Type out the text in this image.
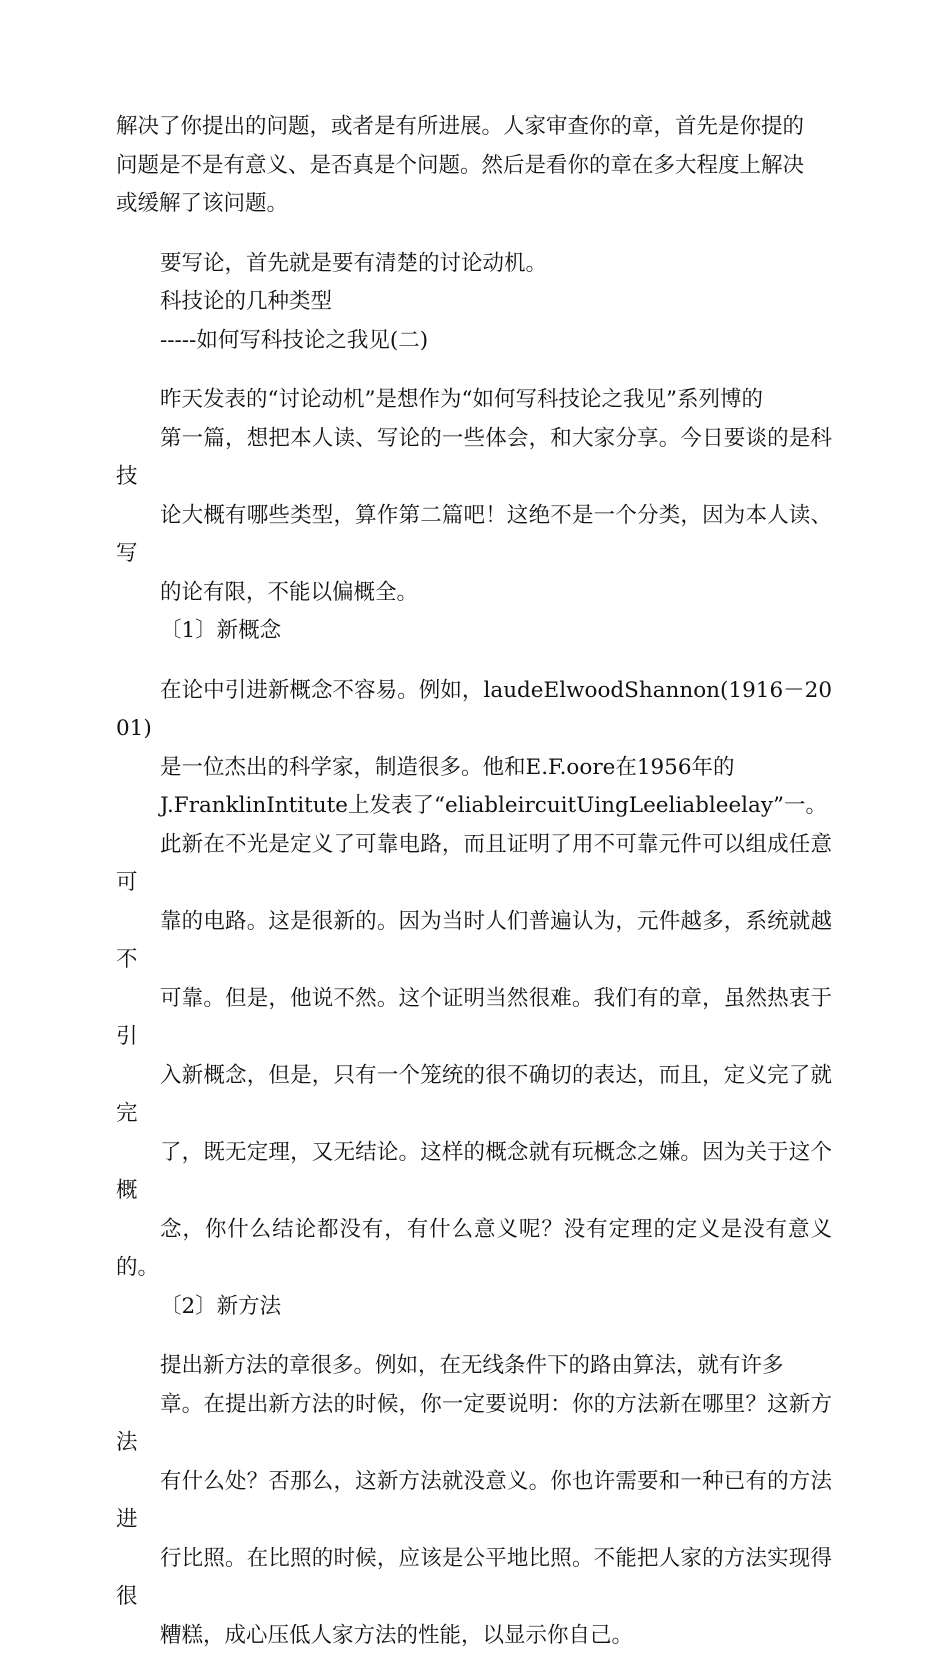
解决了你提出的问题，或者是有所进展。人家审查你的章，首先是你提的
问题是不是有意义、是否真是个问题。然后是看你的章在多大程度上解决
或缓解了该问题。

要写论，首先就是要有清楚的讨论动机。

科技论的几种类型

-----如何写科技论之我见(二)

昨天发表的“讨论动机”是想作为“如何写科技论之我见”系列博的
第一篇，想把本人读、写论的一些体会，和大家分享。今日要谈的是科技
论大概有哪些类型，算作第二篇吧！这绝不是一个分类，因为本人读、写
的论有限，不能以偏概全。

〔1〕新概念

在论中引进新概念不容易。例如，laudeElwoodShannon(1916－2001)
是一位杰出的科学家，制造很多。他和E.F.oore在1956年的
J.FranklinIntitute上发表了“eliableircuitUingLeeliableelay”一。
此新在不光是定义了可靠电路，而且证明了用不可靠元件可以组成任意可
靠的电路。这是很新的。因为当时人们普遍认为，元件越多，系统就越不
可靠。但是，他说不然。这个证明当然很难。我们有的章，虽然热衷于引
入新概念，但是，只有一个笼统的很不确切的表达，而且，定义完了就完
了，既无定理，又无结论。这样的概念就有玩概念之嫌。因为关于这个概
念，你什么结论都没有，有什么意义呢？没有定理的定义是没有意义的。

〔2〕新方法

提出新方法的章很多。例如，在无线条件下的路由算法，就有许多
章。在提出新方法的时候，你一定要说明：你的方法新在哪里？这新方法
有什么处？否那么，这新方法就没意义。你也许需要和一种已有的方法进
行比照。在比照的时候，应该是公平地比照。不能把人家的方法实现得很
糟糕，成心压低人家方法的性能，以显示你自己。
